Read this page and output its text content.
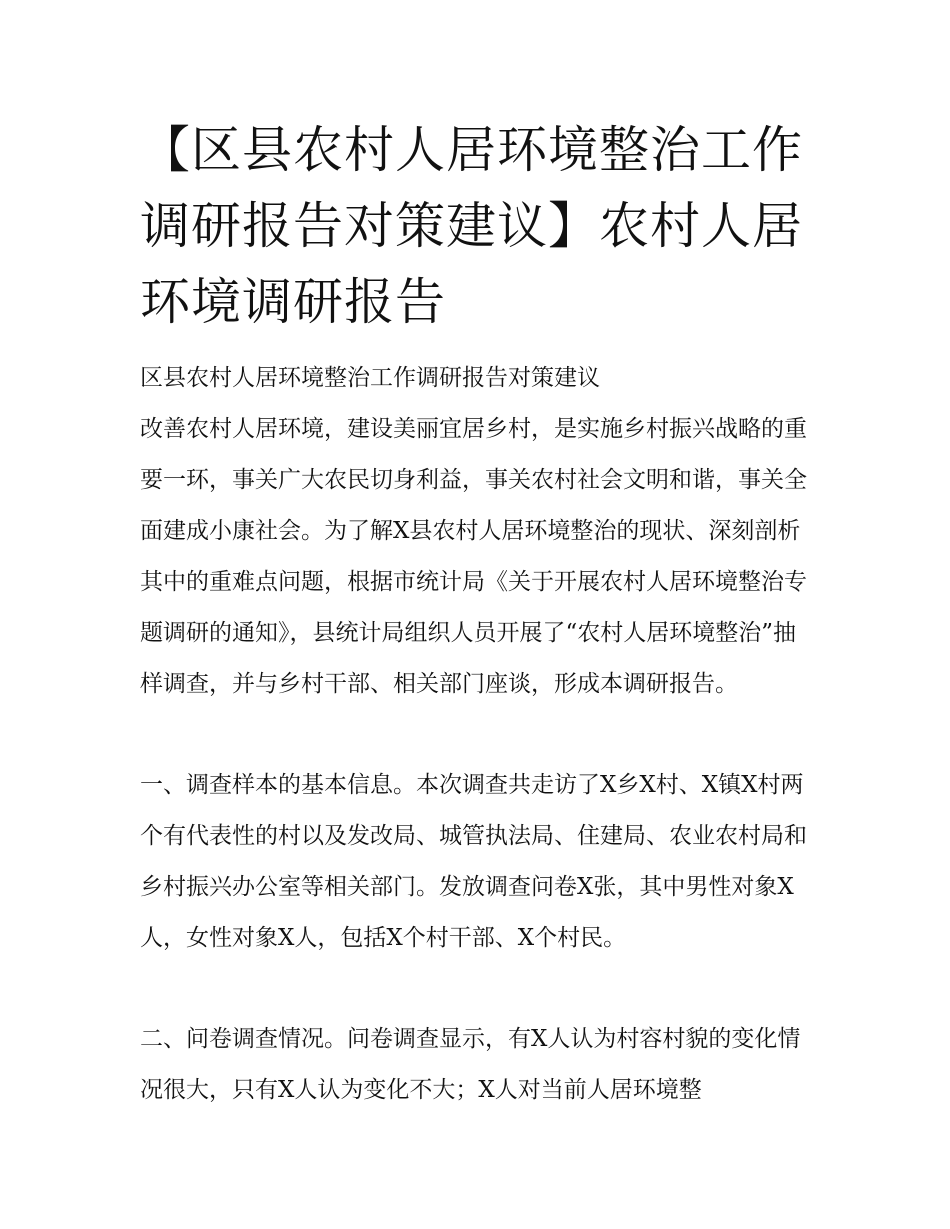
【区县农村人居环境整治工作调研报告对策建议】农村人居环境调研报告
区县农村人居环境整治工作调研报告对策建议

改善农村人居环境，建设美丽宜居乡村，是实施乡村振兴战略的重要一环，事关广大农民切身利益，事关农村社会文明和谐，事关全面建成小康社会。为了解X县农村人居环境整治的现状、深刻剖析其中的重难点问题，根据市统计局《关于开展农村人居环境整治专题调研的通知》，县统计局组织人员开展了“农村人居环境整治”抽样调查，并与乡村干部、相关部门座谈，形成本调研报告。

一、调查样本的基本信息。本次调查共走访了X乡X村、X镇X村两个有代表性的村以及发改局、城管执法局、住建局、农业农村局和乡村振兴办公室等相关部门。发放调查问卷X张，其中男性对象X人，女性对象X人，包括X个村干部、X个村民。

二、问卷调查情况。问卷调查显示，有X人认为村容村貌的变化情况很大，只有X人认为变化不大；X人对当前人居环境整
